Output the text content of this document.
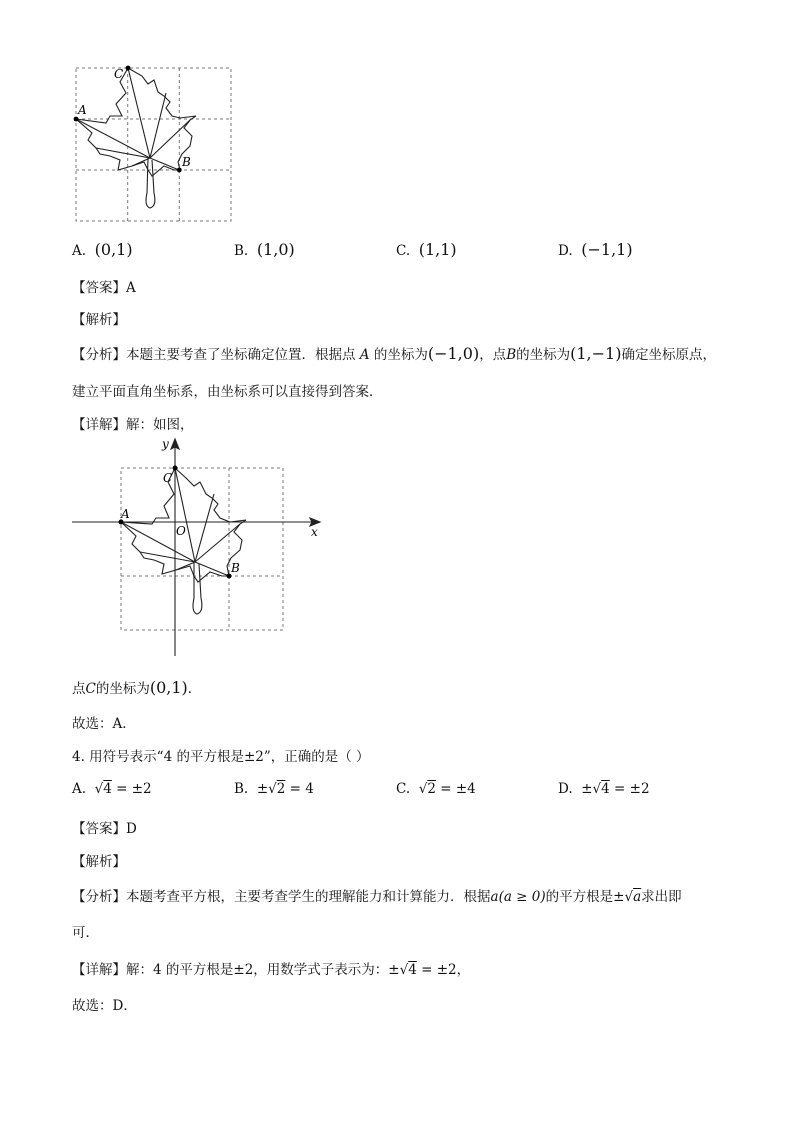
C
A
B
A. (0,1)	B. (1,0)	C. (1,1)	D. (−1,1)
【答案】A
【解析】
【分析】本题主要考查了坐标确定位置．根据点 A 的坐标为(−1,0)，点B的坐标为(1,−1)确定坐标原点，
建立平面直角坐标系，由坐标系可以直接得到答案．
【详解】解：如图，
y
x
O
C
A
B
点C的坐标为(0,1)．
故选：A．
4. 用符号表示“4 的平方根是±2”，正确的是（ ）
A. √4 = ±2	B. ±√2 = 4	C. √2 = ±4	D. ±√4 = ±2
【答案】D
【解析】
【分析】本题考查平方根，主要考查学生的理解能力和计算能力．根据a(a ≥ 0)的平方根是±√a求出即
可．
【详解】解：4 的平方根是±2，用数学式子表示为：±√4 = ±2，
故选：D．
